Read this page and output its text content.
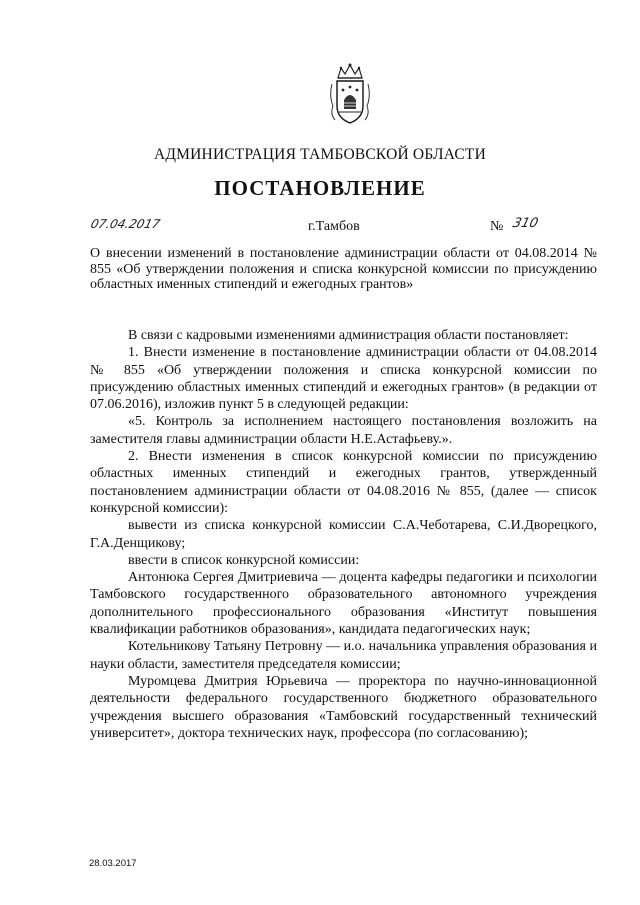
АДМИНИСТРАЦИЯ ТАМБОВСКОЙ ОБЛАСТИ
ПОСТАНОВЛЕНИЕ
07.04.2017	г.Тамбов	№ 310
О внесении изменений в постановление администрации области от 04.08.2014 № 855 «Об утверждении положения и списка конкурсной комиссии по присуждению областных именных стипендий и ежегодных грантов»

В связи с кадровыми изменениями администрация области постановляет:

1. Внести изменение в постановление администрации области от 04.08.2014 № 855 «Об утверждении положения и списка конкурсной комиссии по присуждению областных именных стипендий и ежегодных грантов» (в редакции от 07.06.2016), изложив пункт 5 в следующей редакции:

«5. Контроль за исполнением настоящего постановления возложить на заместителя главы администрации области Н.Е.Астафьеву.».

2. Внести изменения в список конкурсной комиссии по присуждению областных именных стипендий и ежегодных грантов, утвержденный постановлением администрации области от 04.08.2016 № 855, (далее — список конкурсной комиссии):

вывести из списка конкурсной комиссии С.А.Чеботарева, С.И.Дворецкого, Г.А.Денщикову;

ввести в список конкурсной комиссии:

Антонюка Сергея Дмитриевича — доцента кафедры педагогики и психологии Тамбовского государственного образовательного автономного учреждения дополнительного профессионального образования «Институт повышения квалификации работников образования», кандидата педагогических наук;

Котельникову Татьяну Петровну — и.о. начальника управления образования и науки области, заместителя председателя комиссии;

Муромцева Дмитрия Юрьевича — проректора по научно-инновационной деятельности федерального государственного бюджетного образовательного учреждения высшего образования «Тамбовский государственный технический университет», доктора технических наук, профессора (по согласованию);

28.03.2017
